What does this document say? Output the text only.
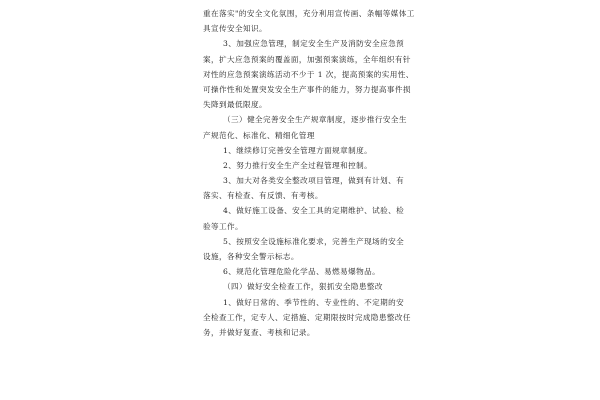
重在落实"的安全文化氛围，充分利用宣传画、条幅等媒体工
具宣传安全知识。
3、加强应急管理，制定安全生产及消防安全应急预
案，扩大应急预案的覆盖面，加强预案演练，全年组织有针
对性的应急预案演练活动不少于 1 次，提高预案的实用性、
可操作性和处置突发安全生产事件的能力，努力提高事件损
失降到最低限度。
（三）健全完善安全生产规章制度，逐步推行安全生
产规范化、标准化、精细化管理
1、继续修订完善安全管理方面规章制度。
2、努力推行安全生产全过程管理和控制。
3、加大对各类安全整改项目管理，做到有计划、有
落实、有检查、有反馈、有考核。
4、做好施工设备、安全工具的定期维护、试验、检
验等工作。
5、按照安全设施标准化要求，完善生产现场的安全
设施，各种安全警示标志。
6、规范化管理危险化学品、易燃易爆物品。
（四）做好安全检查工作，狠抓安全隐患整改
1、做好日常的、季节性的、专业性的、不定期的安
全检查工作，定专人、定措施、定期限按时完成隐患整改任
务，并做好复查、考核和记录。
